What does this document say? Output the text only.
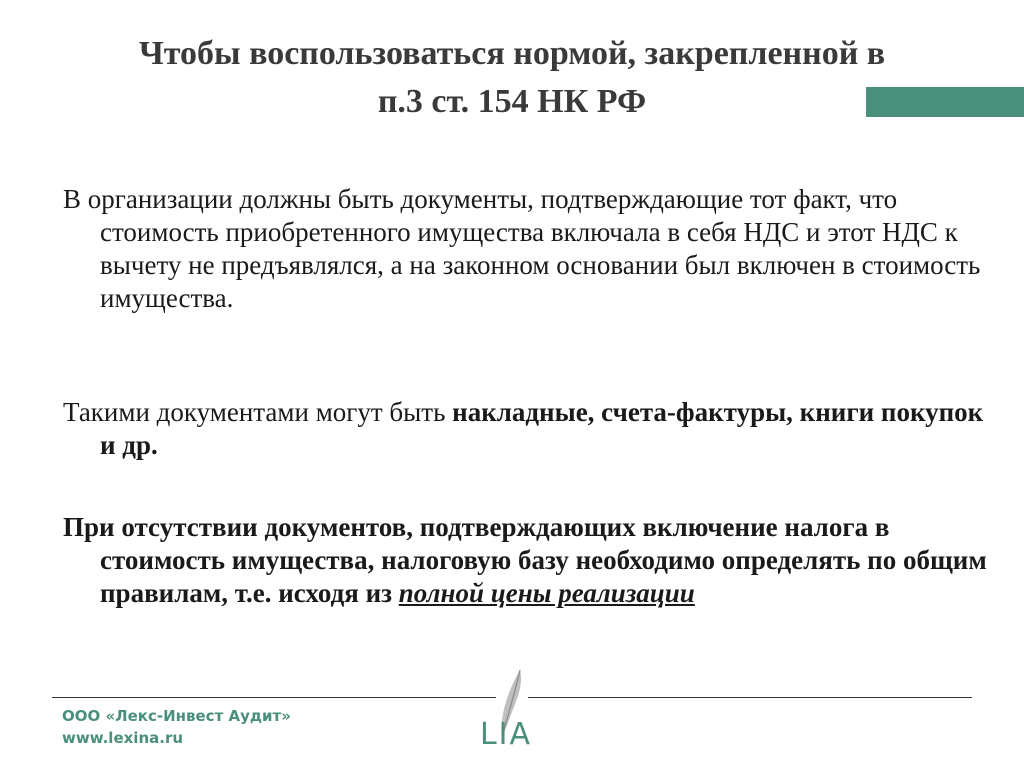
Чтобы воспользоваться нормой, закрепленной в
п.3 ст. 154 НК РФ

В организации должны быть документы, подтверждающие тот факт, что стоимость приобретенного имущества включала в себя НДС и этот НДС к вычету не предъявлялся, а на законном основании был включен в стоимость имущества.

Такими документами могут быть накладные, счета-фактуры, книги покупок и др.

При отсутствии документов, подтверждающих включение налога в стоимость имущества, налоговую базу необходимо определять по общим правилам, т.е. исходя из полной цены реализации

ООО «Лекс-Инвест Аудит»
www.lexina.ru	LIA
